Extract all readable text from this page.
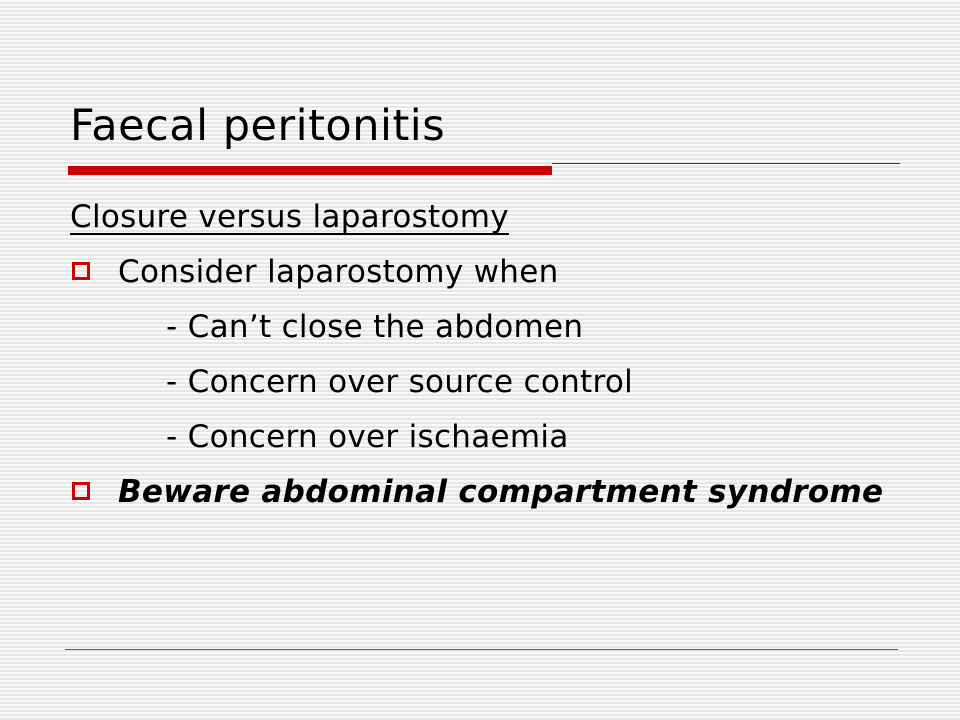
Faecal peritonitis
Closure versus laparostomy
Consider laparostomy when
- Can’t close the abdomen
- Concern over source control
- Concern over ischaemia
Beware abdominal compartment syndrome
